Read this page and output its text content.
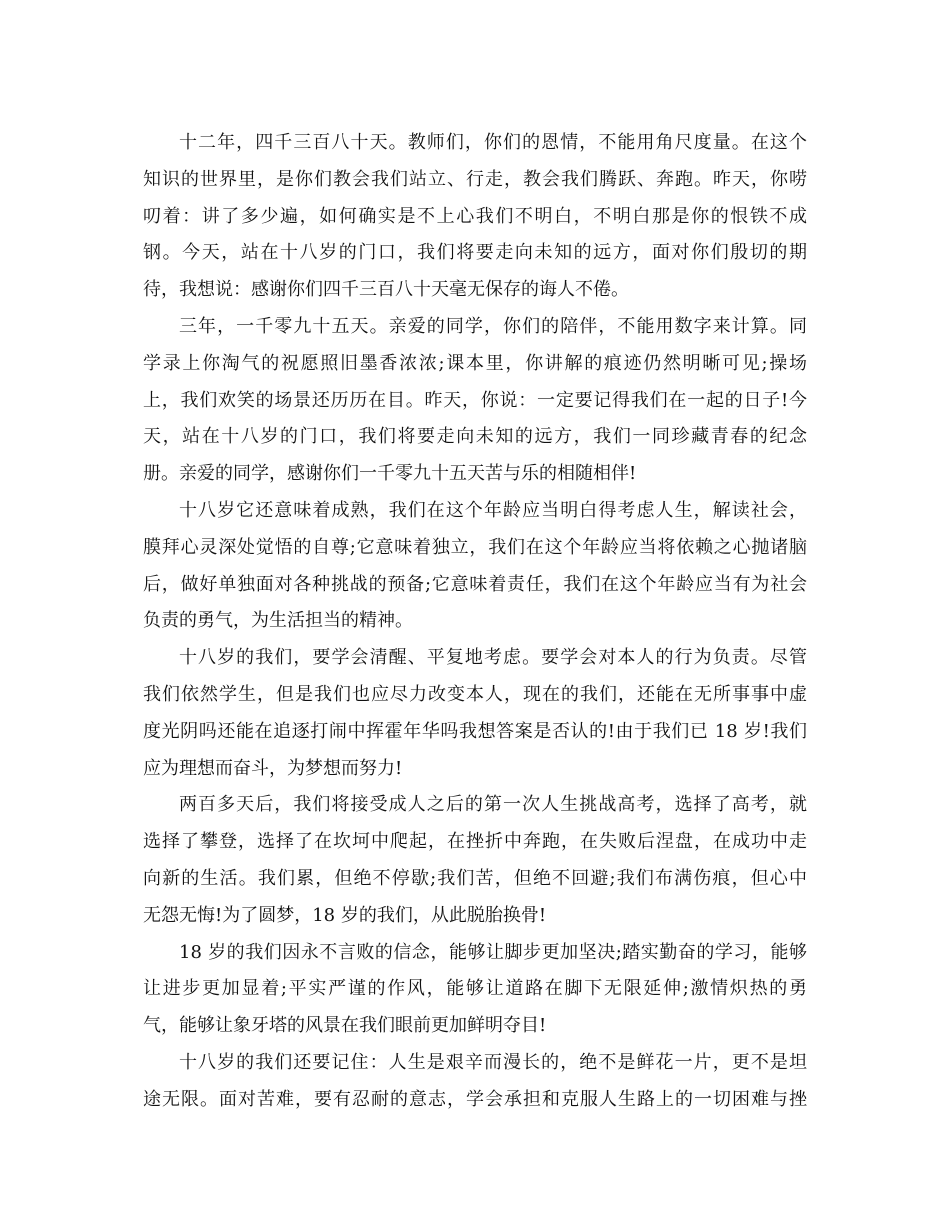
十二年，四千三百八十天。教师们，你们的恩情，不能用角尺度量。在这个
知识的世界里，是你们教会我们站立、行走，教会我们腾跃、奔跑。昨天，你唠
叨着：讲了多少遍，如何确实是不上心我们不明白，不明白那是你的恨铁不成
钢。今天，站在十八岁的门口，我们将要走向未知的远方，面对你们殷切的期
待，我想说：感谢你们四千三百八十天毫无保存的诲人不倦。
三年，一千零九十五天。亲爱的同学，你们的陪伴，不能用数字来计算。同
学录上你淘气的祝愿照旧墨香浓浓;课本里，你讲解的痕迹仍然明晰可见;操场
上，我们欢笑的场景还历历在目。昨天，你说：一定要记得我们在一起的日子!今
天，站在十八岁的门口，我们将要走向未知的远方，我们一同珍藏青春的纪念
册。亲爱的同学，感谢你们一千零九十五天苦与乐的相随相伴!
十八岁它还意味着成熟，我们在这个年龄应当明白得考虑人生，解读社会，
膜拜心灵深处觉悟的自尊;它意味着独立，我们在这个年龄应当将依赖之心抛诸脑
后，做好单独面对各种挑战的预备;它意味着责任，我们在这个年龄应当有为社会
负责的勇气，为生活担当的精神。
十八岁的我们，要学会清醒、平复地考虑。要学会对本人的行为负责。尽管
我们依然学生，但是我们也应尽力改变本人，现在的我们，还能在无所事事中虚
度光阴吗还能在追逐打闹中挥霍年华吗我想答案是否认的!由于我们已 18 岁!我们
应为理想而奋斗，为梦想而努力!
两百多天后，我们将接受成人之后的第一次人生挑战高考，选择了高考，就
选择了攀登，选择了在坎坷中爬起，在挫折中奔跑，在失败后涅盘，在成功中走
向新的生活。我们累，但绝不停歇;我们苦，但绝不回避;我们布满伤痕，但心中
无怨无悔!为了圆梦，18 岁的我们，从此脱胎换骨!
18 岁的我们因永不言败的信念，能够让脚步更加坚决;踏实勤奋的学习，能够
让进步更加显着;平实严谨的作风，能够让道路在脚下无限延伸;激情炽热的勇
气，能够让象牙塔的风景在我们眼前更加鲜明夺目!
十八岁的我们还要记住：人生是艰辛而漫长的，绝不是鲜花一片，更不是坦
途无限。面对苦难，要有忍耐的意志，学会承担和克服人生路上的一切困难与挫
